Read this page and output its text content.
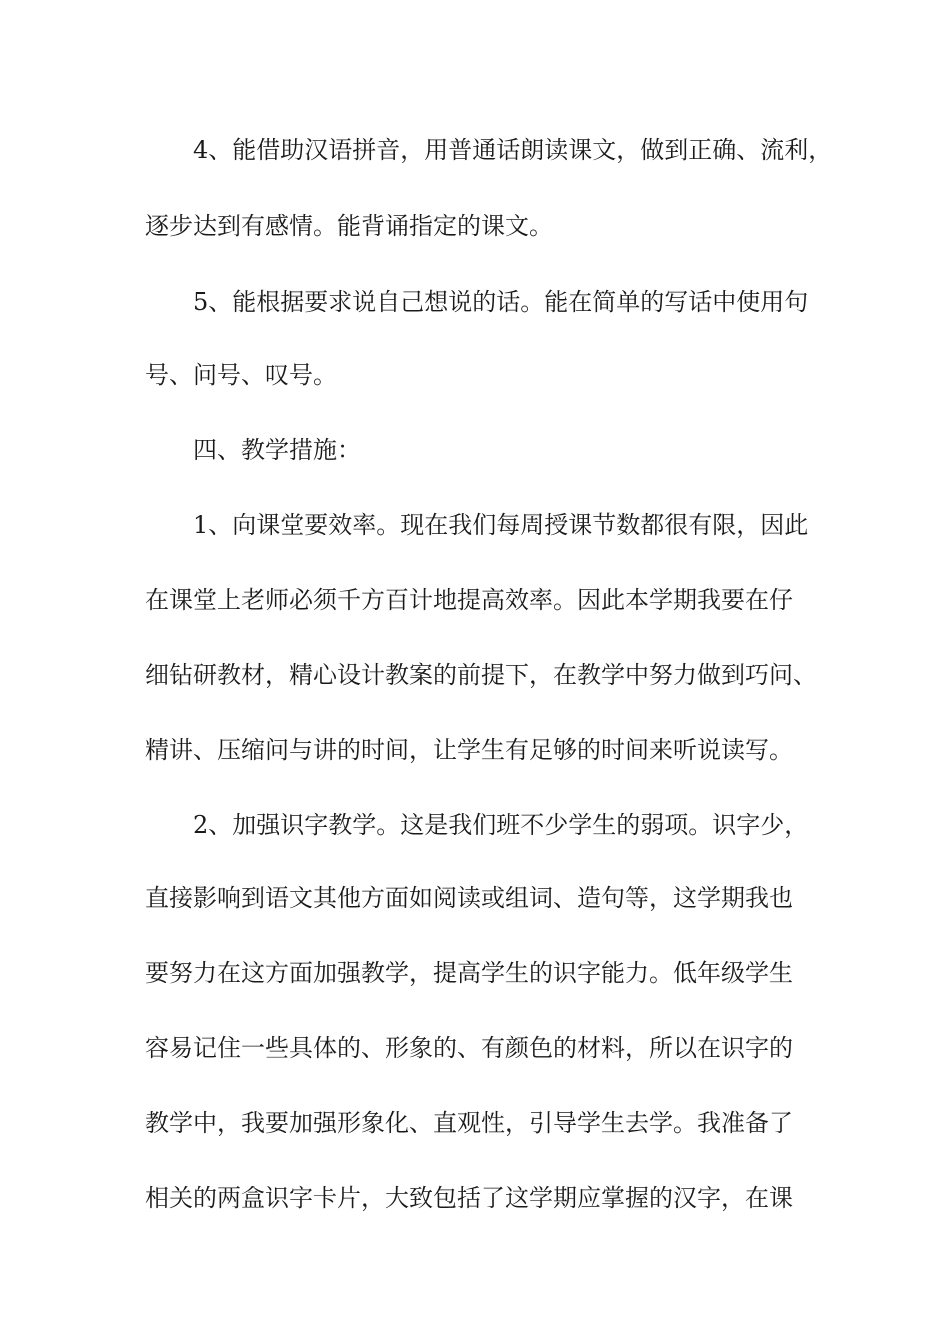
4、能借助汉语拼音，用普通话朗读课文，做到正确、流利，
逐步达到有感情。能背诵指定的课文。
5、能根据要求说自己想说的话。能在简单的写话中使用句
号、问号、叹号。
四、教学措施：
1、向课堂要效率。现在我们每周授课节数都很有限，因此
在课堂上老师必须千方百计地提高效率。因此本学期我要在仔
细钻研教材，精心设计教案的前提下，在教学中努力做到巧问、
精讲、压缩问与讲的时间，让学生有足够的时间来听说读写。
2、加强识字教学。这是我们班不少学生的弱项。识字少，
直接影响到语文其他方面如阅读或组词、造句等，这学期我也
要努力在这方面加强教学，提高学生的识字能力。低年级学生
容易记住一些具体的、形象的、有颜色的材料，所以在识字的
教学中，我要加强形象化、直观性，引导学生去学。我准备了
相关的两盒识字卡片，大致包括了这学期应掌握的汉字，在课
